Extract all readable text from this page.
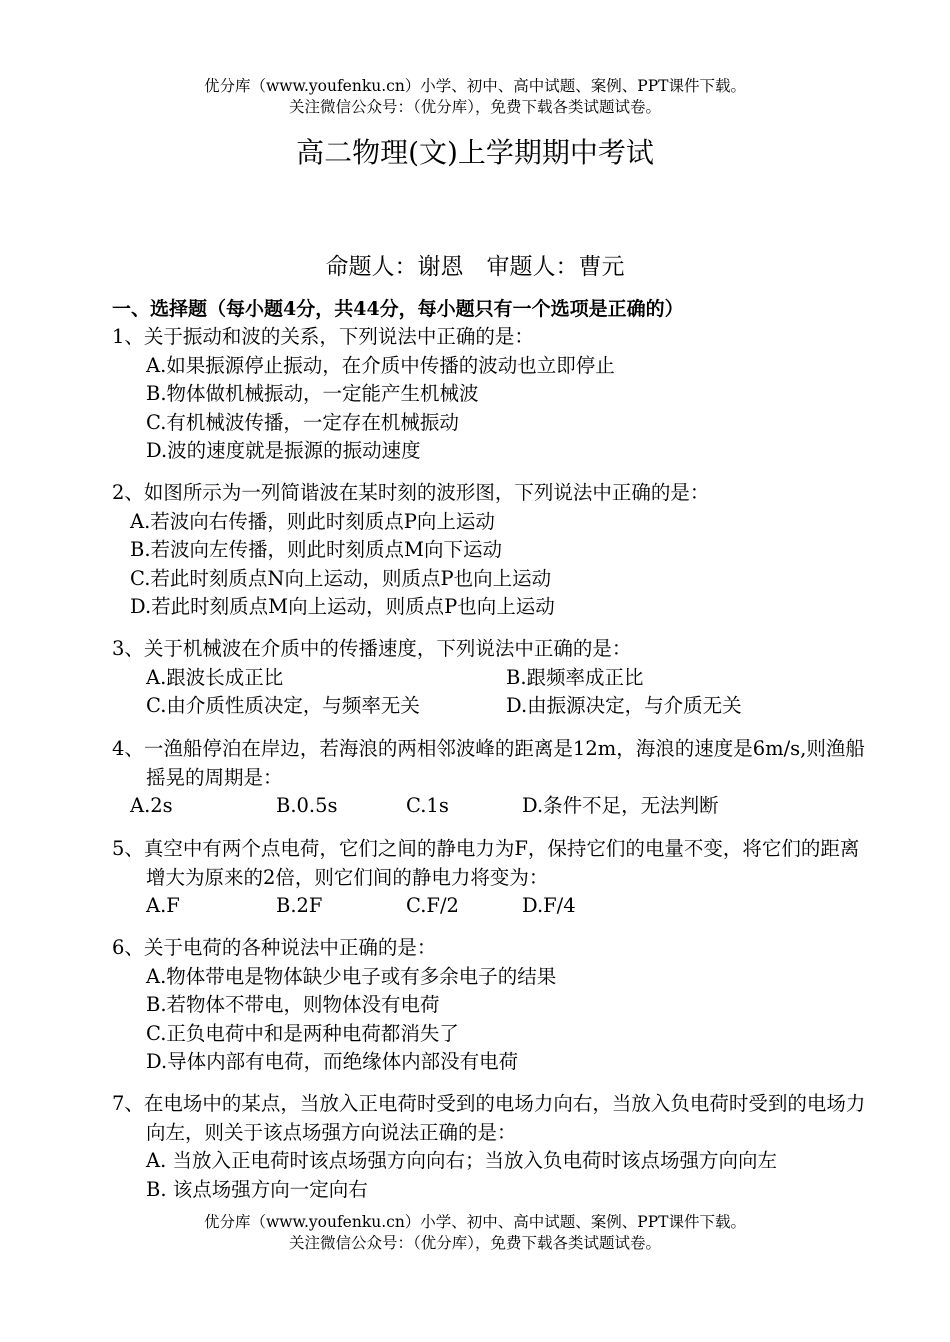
优分库（www.youfenku.cn）小学、初中、高中试题、案例、PPT课件下载。
关注微信公众号：（优分库），免费下载各类试题试卷。
高二物理(文)上学期期中考试
命题人：谢恩　审题人：曹元
一、选择题（每小题4分，共44分，每小题只有一个选项是正确的）

1、关于振动和波的关系，下列说法中正确的是：

A.如果振源停止振动，在介质中传播的波动也立即停止

B.物体做机械振动，一定能产生机械波

C.有机械波传播，一定存在机械振动

D.波的速度就是振源的振动速度

2、如图所示为一列简谐波在某时刻的波形图，下列说法中正确的是：

A.若波向右传播，则此时刻质点P向上运动

B.若波向左传播，则此时刻质点M向下运动

C.若此时刻质点N向上运动，则质点P也向上运动

D.若此时刻质点M向上运动，则质点P也向上运动

3、关于机械波在介质中的传播速度，下列说法中正确的是：

A.跟波长成正比	B.跟频率成正比

C.由介质性质决定，与频率无关	D.由振源决定，与介质无关

4、一渔船停泊在岸边，若海浪的两相邻波峰的距离是12m，海浪的速度是6m/s,则渔船摇晃的周期是：

A.2s	B.0.5s	C.1s	D.条件不足，无法判断

5、真空中有两个点电荷，它们之间的静电力为F，保持它们的电量不变，将它们的距离增大为原来的2倍，则它们间的静电力将变为：

A.F	B.2F	C.F/2	D.F/4

6、关于电荷的各种说法中正确的是：

A.物体带电是物体缺少电子或有多余电子的结果

B.若物体不带电，则物体没有电荷

C.正负电荷中和是两种电荷都消失了

D.导体内部有电荷，而绝缘体内部没有电荷

7、在电场中的某点，当放入正电荷时受到的电场力向右，当放入负电荷时受到的电场力向左，则关于该点场强方向说法正确的是：

A. 当放入正电荷时该点场强方向向右；当放入负电荷时该点场强方向向左

B. 该点场强方向一定向右

优分库（www.youfenku.cn）小学、初中、高中试题、案例、PPT课件下载。
关注微信公众号：（优分库），免费下载各类试题试卷。
